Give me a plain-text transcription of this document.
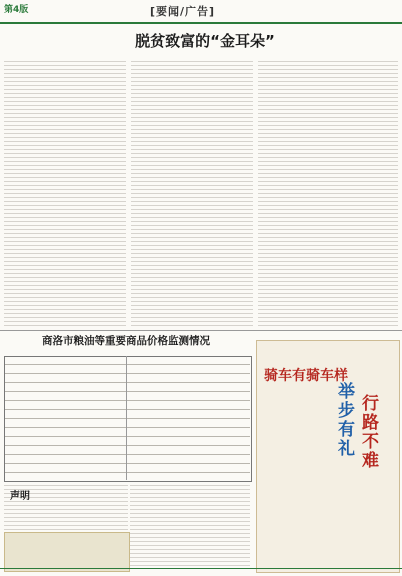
第4版	[要闻/广告]
脱贫致富的“金耳朵”
商洛市粮油等重要商品价格监测情况
声明
骑车有骑车样
举步有礼
行路不难
